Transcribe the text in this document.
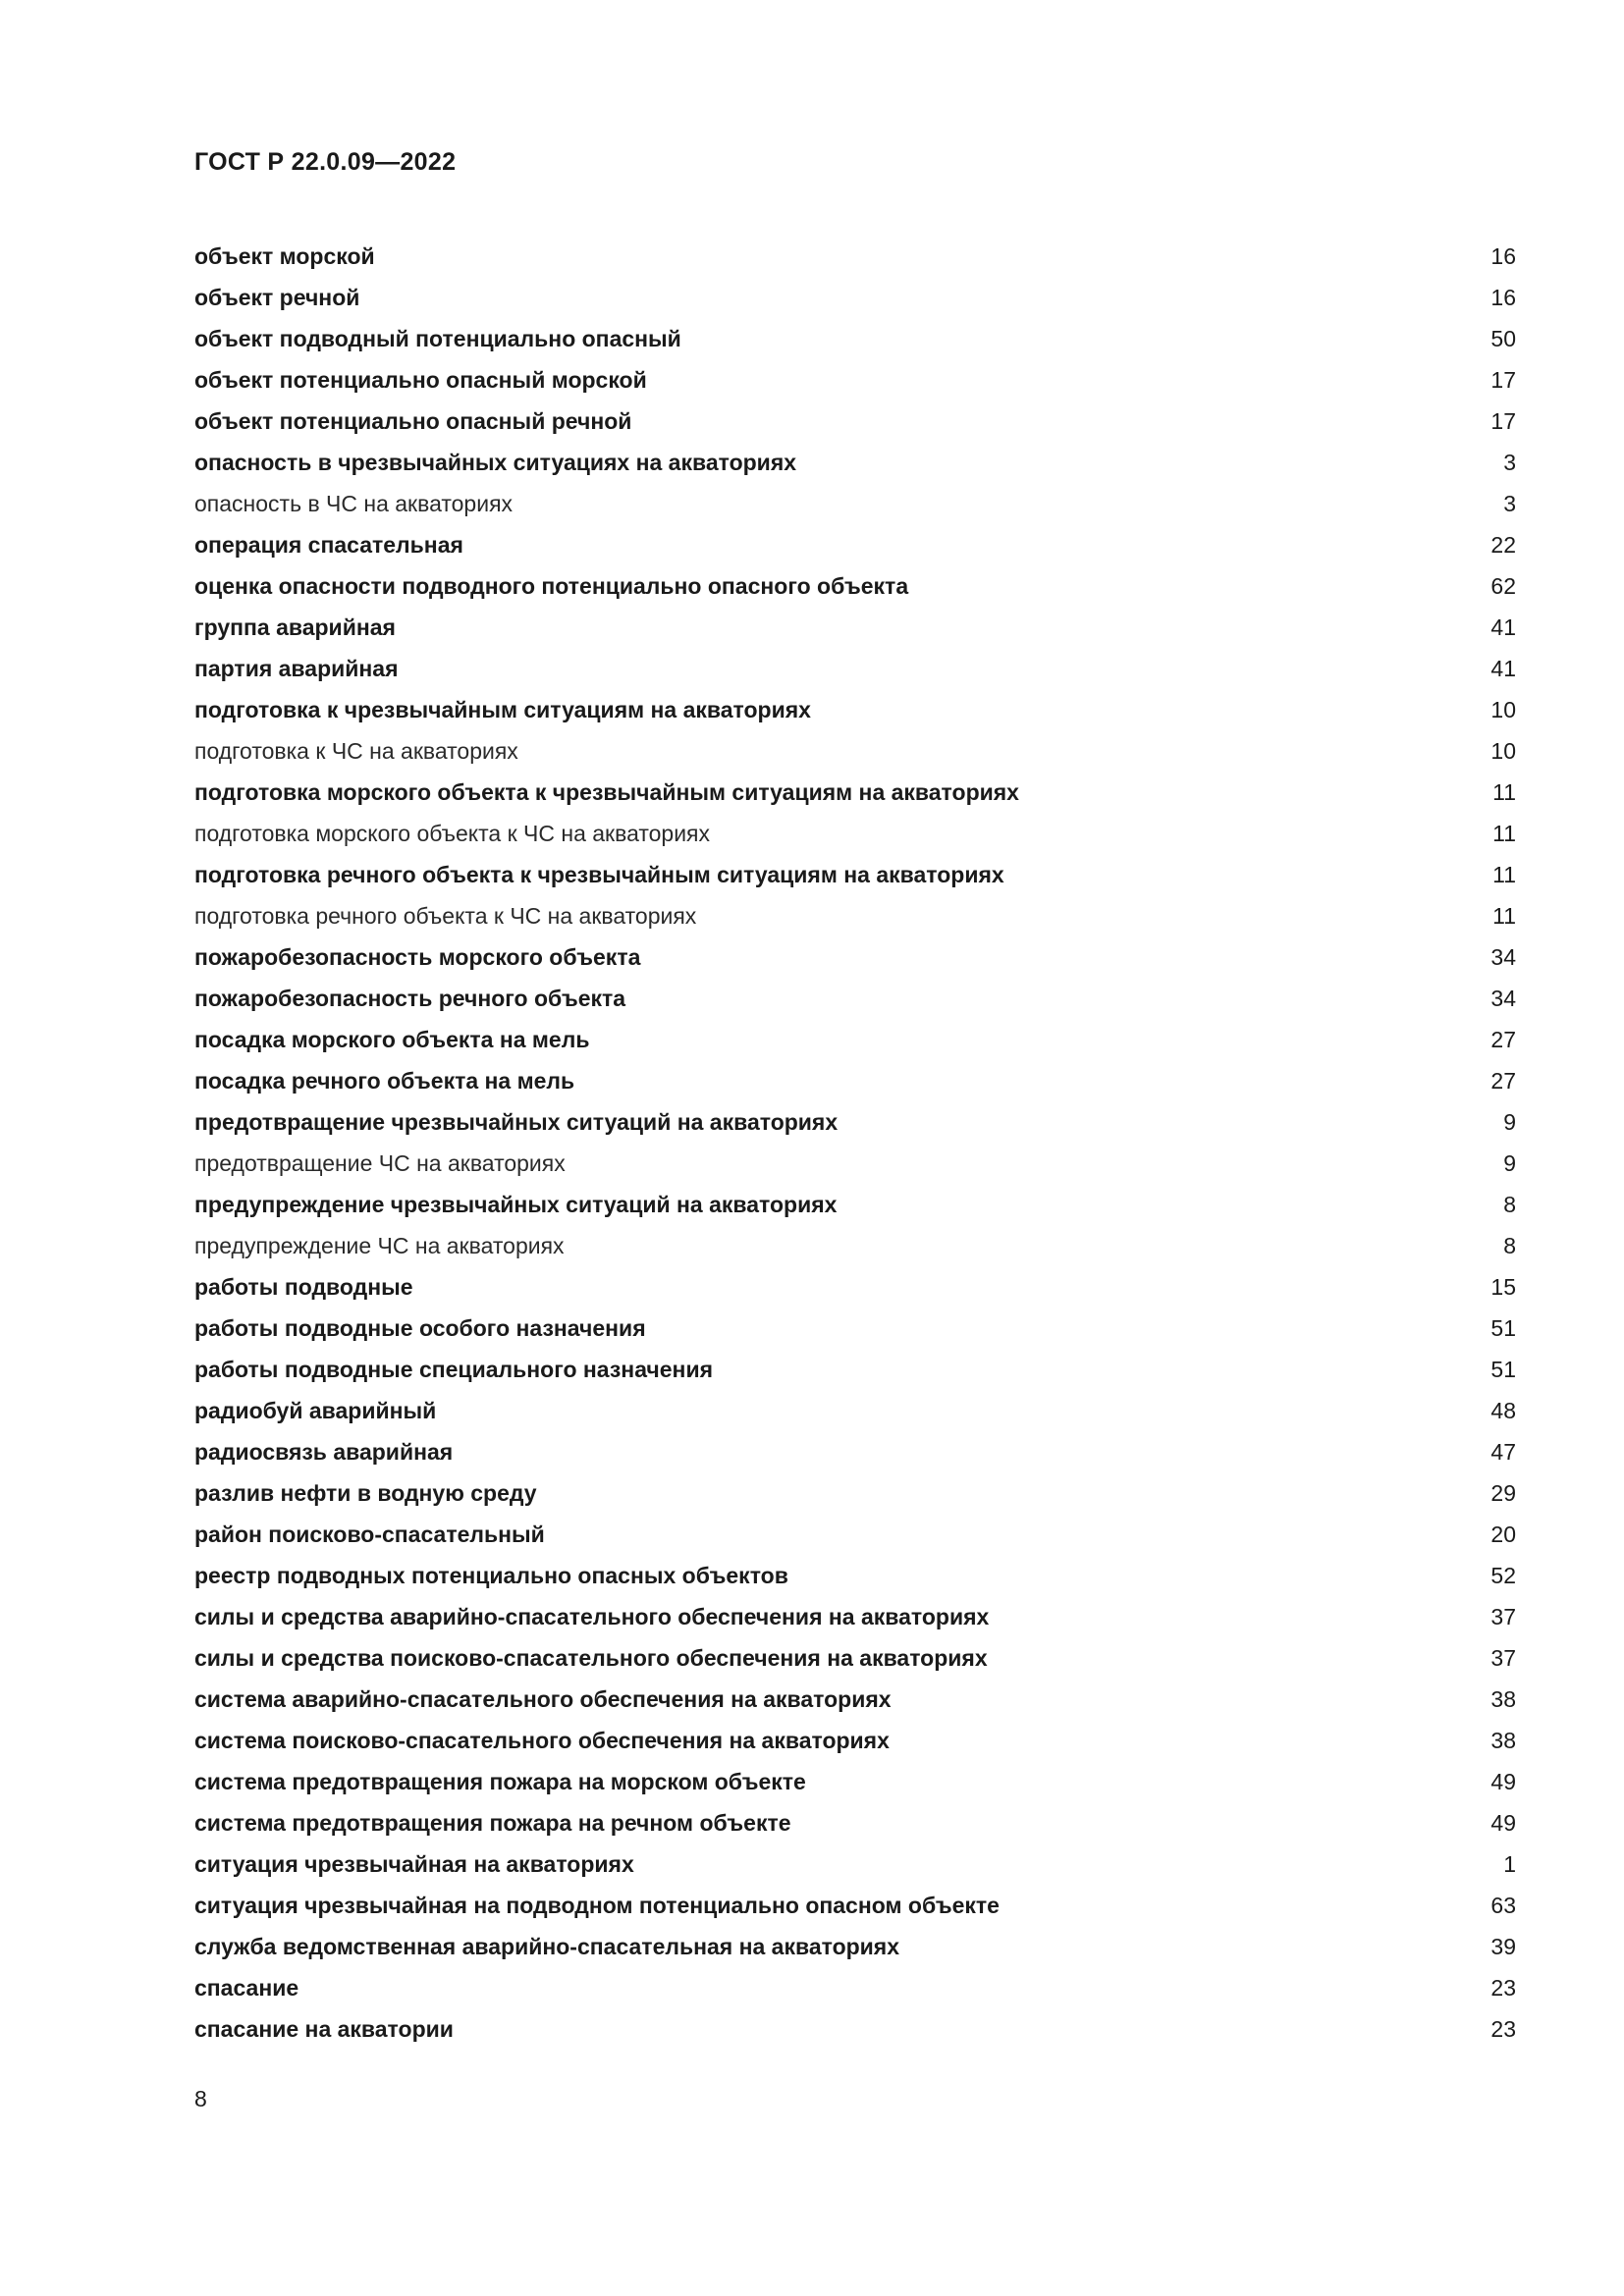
ГОСТ Р 22.0.09—2022
объект морской	16
объект речной	16
объект подводный потенциально опасный	50
объект потенциально опасный морской	17
объект потенциально опасный речной	17
опасность в чрезвычайных ситуациях на акваториях	3
опасность в ЧС на акваториях	3
операция спасательная	22
оценка опасности подводного потенциально опасного объекта	62
группа аварийная	41
партия аварийная	41
подготовка к чрезвычайным ситуациям на акваториях	10
подготовка к ЧС на акваториях	10
подготовка морского объекта к чрезвычайным ситуациям на акваториях	11
подготовка морского объекта к ЧС на акваториях	11
подготовка речного объекта к чрезвычайным ситуациям на акваториях	11
подготовка речного объекта к ЧС на акваториях	11
пожаробезопасность морского объекта	34
пожаробезопасность речного объекта	34
посадка морского объекта на мель	27
посадка речного объекта на мель	27
предотвращение чрезвычайных ситуаций на акваториях	9
предотвращение ЧС на акваториях	9
предупреждение чрезвычайных ситуаций на акваториях	8
предупреждение ЧС на акваториях	8
работы подводные	15
работы подводные особого назначения	51
работы подводные специального назначения	51
радиобуй аварийный	48
радиосвязь аварийная	47
разлив нефти в водную среду	29
район поисково-спасательный	20
реестр подводных потенциально опасных объектов	52
силы и средства аварийно-спасательного обеспечения на акваториях	37
силы и средства поисково-спасательного обеспечения на акваториях	37
система аварийно-спасательного обеспечения на акваториях	38
система поисково-спасательного обеспечения на акваториях	38
система предотвращения пожара на морском объекте	49
система предотвращения пожара на речном объекте	49
ситуация чрезвычайная на акваториях	1
ситуация чрезвычайная на подводном потенциально опасном объекте	63
служба ведомственная аварийно-спасательная на акваториях	39
спасание	23
спасание на акватории	23
8
